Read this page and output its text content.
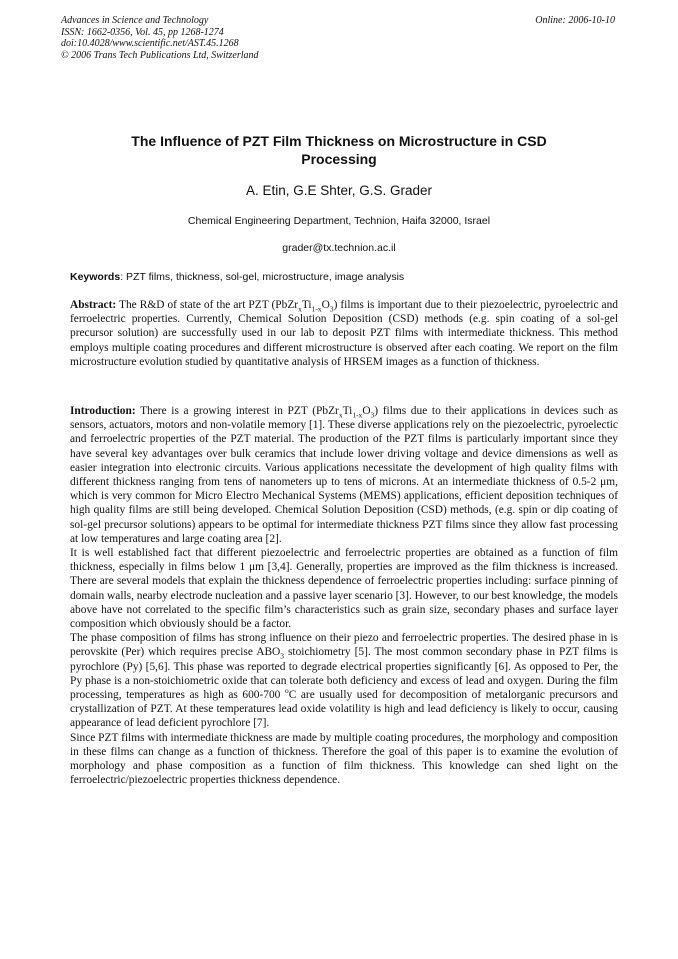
Advances in Science and Technology
ISSN: 1662-0356, Vol. 45, pp 1268-1274
doi:10.4028/www.scientific.net/AST.45.1268
© 2006 Trans Tech Publications Ltd, Switzerland
Online: 2006-10-10
The Influence of PZT Film Thickness on Microstructure in CSD
Processing
A. Etin, G.E Shter, G.S. Grader
Chemical Engineering Department, Technion, Haifa 32000, Israel
grader@tx.technion.ac.il
Keywords: PZT films, thickness, sol-gel, microstructure, image analysis

Abstract: The R&D of state of the art PZT $(PbZr_xTi_{1-x}O_3)$ films is important due to their piezoelectric, pyroelectric and ferroelectric properties. Currently, Chemical Solution Deposition (CSD) methods (e.g. spin coating of a sol-gel precursor solution) are successfully used in our lab to deposit PZT films with intermediate thickness. This method employs multiple coating procedures and different microstructure is observed after each coating. We report on the film microstructure evolution studied by quantitative analysis of HRSEM images as a function of thickness.

Introduction: There is a growing interest in PZT $(PbZr_xTi_{1-x}O_3)$ films due to their applications in devices such as sensors, actuators, motors and non-volatile memory [1]. These diverse applications rely on the piezoelectric, pyroelectic and ferroelectric properties of the PZT material. The production of the PZT films is particularly important since they have several key advantages over bulk ceramics that include lower driving voltage and device dimensions as well as easier integration into electronic circuits. Various applications necessitate the development of high quality films with different thickness ranging from tens of nanometers up to tens of microns. At an intermediate thickness of 0.5-2 μm, which is very common for Micro Electro Mechanical Systems (MEMS) applications, efficient deposition techniques of high quality films are still being developed. Chemical Solution Deposition (CSD) methods, (e.g. spin or dip coating of sol-gel precursor solutions) appears to be optimal for intermediate thickness PZT films since they allow fast processing at low temperatures and large coating area [2].

It is well established fact that different piezoelectric and ferroelectric properties are obtained as a function of film thickness, especially in films below 1 μm [3,4]. Generally, properties are improved as the film thickness is increased. There are several models that explain the thickness dependence of ferroelectric properties including: surface pinning of domain walls, nearby electrode nucleation and a passive layer scenario [3]. However, to our best knowledge, the models above have not correlated to the specific film’s characteristics such as grain size, secondary phases and surface layer composition which obviously should be a factor.

The phase composition of films has strong influence on their piezo and ferroelectric properties. The desired phase in is perovskite (Per) which requires precise $ABO_3$ stoichiometry [5]. The most common secondary phase in PZT films is pyrochlore (Py) [5,6]. This phase was reported to degrade electrical properties significantly [6]. As opposed to Per, the Py phase is a non-stoichiometric oxide that can tolerate both deficiency and excess of lead and oxygen. During the film processing, temperatures as high as 600-700 $^o$C are usually used for decomposition of metalorganic precursors and crystallization of PZT. At these temperatures lead oxide volatility is high and lead deficiency is likely to occur, causing appearance of lead deficient pyrochlore [7].

Since PZT films with intermediate thickness are made by multiple coating procedures, the morphology and composition in these films can change as a function of thickness. Therefore the goal of this paper is to examine the evolution of morphology and phase composition as a function of film thickness. This knowledge can shed light on the ferroelectric/piezoelectric properties thickness dependence.
